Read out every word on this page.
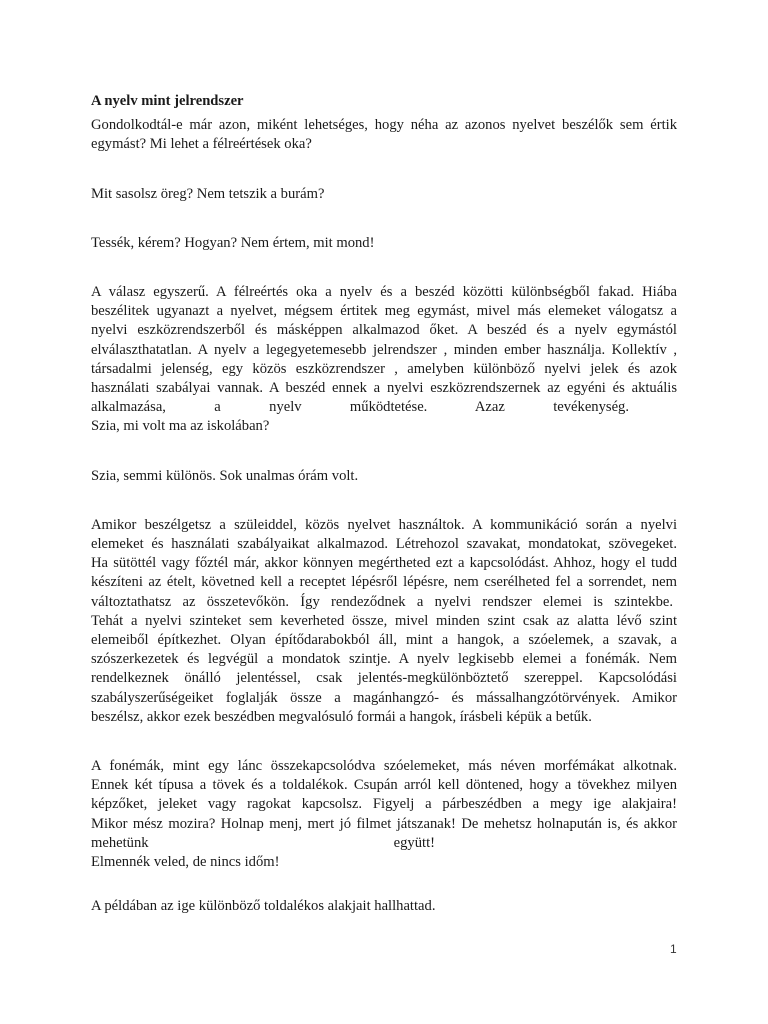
A nyelv mint jelrendszer
Gondolkodtál-e már azon, miként lehetséges, hogy néha az azonos nyelvet beszélők sem értik
egymást? Mi lehet a félreértések oka?
Mit sasolsz öreg? Nem tetszik a burám?
Tessék, kérem? Hogyan? Nem értem, mit mond!
A válasz egyszerű. A félreértés oka a nyelv és a beszéd közötti különbségből fakad. Hiába
beszélitek ugyanazt a nyelvet, mégsem értitek meg egymást, mivel más elemeket válogatsz a
nyelvi eszközrendszerből és másképpen alkalmazod őket. A beszéd és a nyelv egymástól
elválaszthatatlan. A nyelv a legegyetemesebb jelrendszer , minden ember használja. Kollektív ,
társadalmi jelenség, egy közös eszközrendszer , amelyben különböző nyelvi jelek és azok
használati szabályai vannak. A beszéd ennek a nyelvi eszközrendszernek az egyéni és aktuális
alkalmazása, a nyelv működtetése. Azaz tevékenység.
Szia, mi volt ma az iskolában?
Szia, semmi különös. Sok unalmas órám volt.
Amikor beszélgetsz a szüleiddel, közös nyelvet használtok. A kommunikáció során a nyelvi
elemeket és használati szabályaikat alkalmazod. Létrehozol szavakat, mondatokat, szövegeket.
Ha sütöttél vagy főztél már, akkor könnyen megértheted ezt a kapcsolódást. Ahhoz, hogy el tudd
készíteni az ételt, követned kell a receptet lépésről lépésre, nem cserélheted fel a sorrendet, nem
változtathatsz az összetevőkön. Így rendeződnek a nyelvi rendszer elemei is szintekbe.
Tehát a nyelvi szinteket sem keverheted össze, mivel minden szint csak az alatta lévő szint
elemeiből építkezhet. Olyan építődarabokból áll, mint a hangok, a szóelemek, a szavak, a
szószerkezetek és legvégül a mondatok szintje. A nyelv legkisebb elemei a fonémák. Nem
rendelkeznek önálló jelentéssel, csak jelentés-megkülönböztető szereppel. Kapcsolódási
szabályszerűségeiket foglalják össze a magánhangzó- és mássalhangzótörvények. Amikor
beszélsz, akkor ezek beszédben megvalósuló formái a hangok, írásbeli képük a betűk.
A fonémák, mint egy lánc összekapcsolódva szóelemeket, más néven morfémákat alkotnak.
Ennek két típusa a tövek és a toldalékok. Csupán arról kell döntened, hogy a tövekhez milyen
képzőket, jeleket vagy ragokat kapcsolsz. Figyelj a párbeszédben a megy ige alakjaira!
Mikor mész mozira? Holnap menj, mert jó filmet játszanak! De mehetsz holnapután is, és akkor
mehetünk együtt!
Elmennék veled, de nincs időm!
A példában az ige különböző toldalékos alakjait hallhattad.
1
